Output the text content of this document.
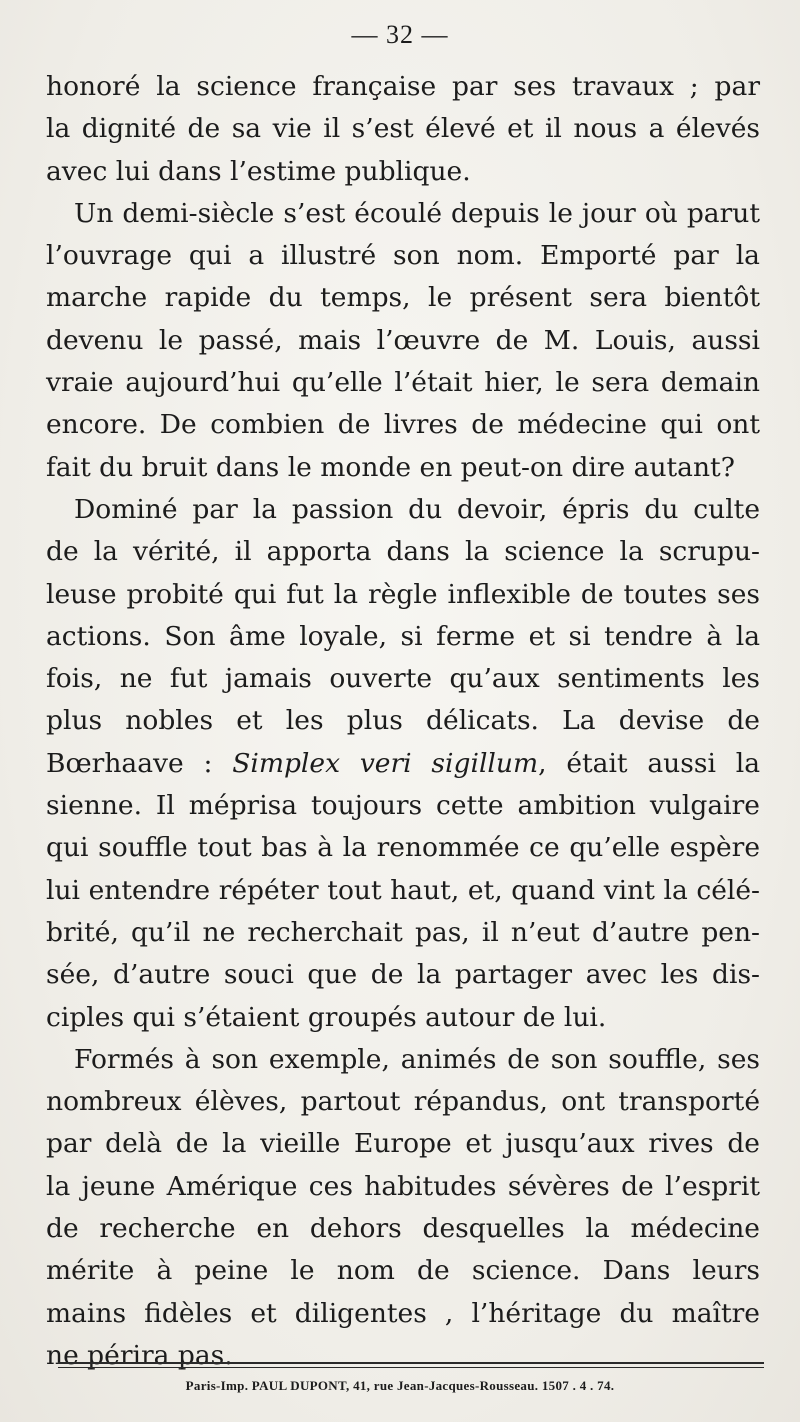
— 32 —
honoré la science française par ses travaux ; par
la dignité de sa vie il s’est élevé et il nous a élevés
avec lui dans l’estime publique.
Un demi-siècle s’est écoulé depuis le jour où parut
l’ouvrage qui a illustré son nom. Emporté par la
marche rapide du temps, le présent sera bientôt
devenu le passé, mais l’œuvre de M. Louis, aussi
vraie aujourd’hui qu’elle l’était hier, le sera demain
encore. De combien de livres de médecine qui ont
fait du bruit dans le monde en peut-on dire autant?
Dominé par la passion du devoir, épris du culte
de la vérité, il apporta dans la science la scrupu-
leuse probité qui fut la règle inflexible de toutes ses
actions. Son âme loyale, si ferme et si tendre à la
fois, ne fut jamais ouverte qu’aux sentiments les
plus nobles et les plus délicats. La devise de
Bœrhaave : Simplex veri sigillum, était aussi la
sienne. Il méprisa toujours cette ambition vulgaire
qui souffle tout bas à la renommée ce qu’elle espère
lui entendre répéter tout haut, et, quand vint la célé-
brité, qu’il ne recherchait pas, il n’eut d’autre pen-
sée, d’autre souci que de la partager avec les dis-
ciples qui s’étaient groupés autour de lui.
Formés à son exemple, animés de son souffle, ses
nombreux élèves, partout répandus, ont transporté
par delà de la vieille Europe et jusqu’aux rives de
la jeune Amérique ces habitudes sévères de l’esprit
de recherche en dehors desquelles la médecine
mérite à peine le nom de science. Dans leurs
mains fidèles et diligentes , l’héritage du maître
ne périra pas.
Paris-Imp. PAUL DUPONT, 41, rue Jean-Jacques-Rousseau. 1507 . 4 . 74.
